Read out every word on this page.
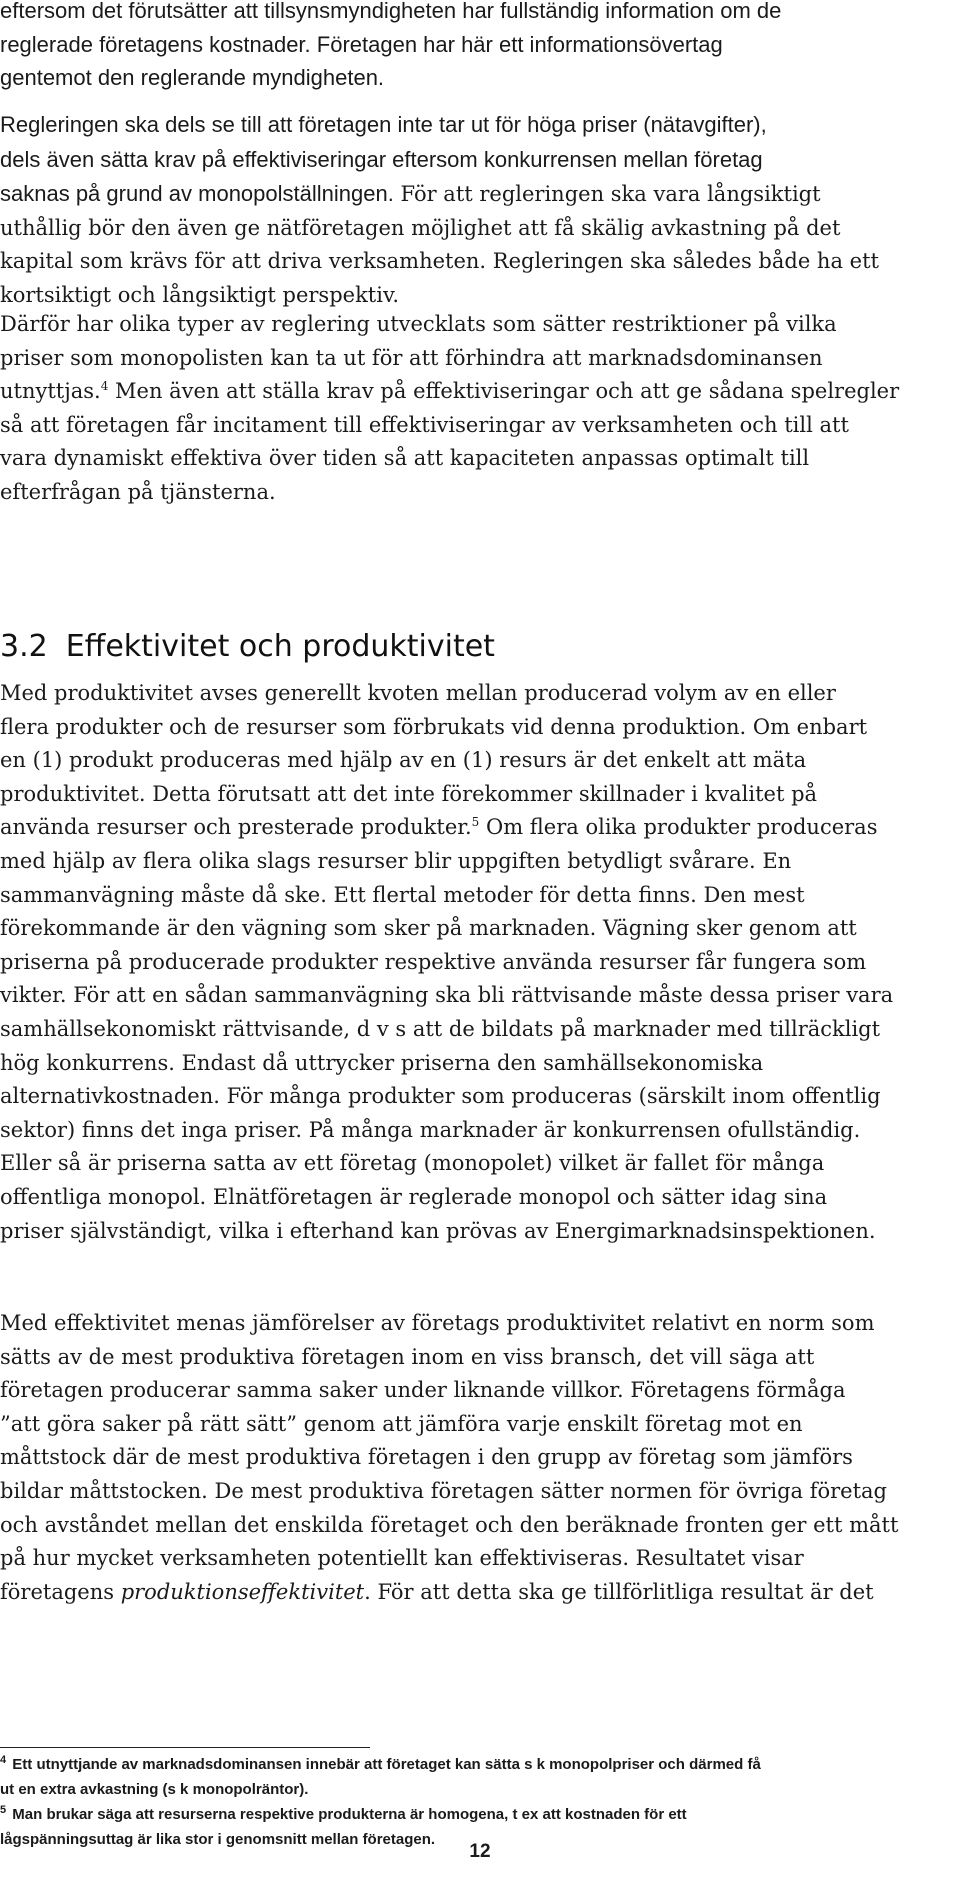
eftersom det förutsätter att tillsynsmyndigheten har fullständig information om de
reglerade företagens kostnader. Företagen har här ett informationsövertag
gentemot den reglerande myndigheten.

Regleringen ska dels se till att företagen inte tar ut för höga priser (nätavgifter),
dels även sätta krav på effektiviseringar eftersom konkurrensen mellan företag
saknas på grund av monopolställningen. För att regleringen ska vara långsiktigt
uthållig bör den även ge nätföretagen möjlighet att få skälig avkastning på det
kapital som krävs för att driva verksamheten. Regleringen ska således både ha ett
kortsiktigt och långsiktigt perspektiv.

Därför har olika typer av reglering utvecklats som sätter restriktioner på vilka
priser som monopolisten kan ta ut för att förhindra att marknadsdominansen
utnyttjas.$^4$ Men även att ställa krav på effektiviseringar och att ge sådana spelregler
så att företagen får incitament till effektiviseringar av verksamheten och till att
vara dynamiskt effektiva över tiden så att kapaciteten anpassas optimalt till
efterfrågan på tjänsterna.

3.2 Effektivitet och produktivitet

Med produktivitet avses generellt kvoten mellan producerad volym av en eller
flera produkter och de resurser som förbrukats vid denna produktion. Om enbart
en (1) produkt produceras med hjälp av en (1) resurs är det enkelt att mäta
produktivitet. Detta förutsatt att det inte förekommer skillnader i kvalitet på
använda resurser och presterade produkter.$^5$ Om flera olika produkter produceras
med hjälp av flera olika slags resurser blir uppgiften betydligt svårare. En
sammanvägning måste då ske. Ett flertal metoder för detta finns. Den mest
förekommande är den vägning som sker på marknaden. Vägning sker genom att
priserna på producerade produkter respektive använda resurser får fungera som
vikter. För att en sådan sammanvägning ska bli rättvisande måste dessa priser vara
samhällsekonomiskt rättvisande, d v s att de bildats på marknader med tillräckligt
hög konkurrens. Endast då uttrycker priserna den samhällsekonomiska
alternativkostnaden. För många produkter som produceras (särskilt inom offentlig
sektor) finns det inga priser. På många marknader är konkurrensen ofullständig.
Eller så är priserna satta av ett företag (monopolet) vilket är fallet för många
offentliga monopol. Elnätföretagen är reglerade monopol och sätter idag sina
priser självständigt, vilka i efterhand kan prövas av Energimarknadsinspektionen.

Med effektivitet menas jämförelser av företags produktivitet relativt en norm som
sätts av de mest produktiva företagen inom en viss bransch, det vill säga att
företagen producerar samma saker under liknande villkor. Företagens förmåga
”att göra saker på rätt sätt” genom att jämföra varje enskilt företag mot en
måttstock där de mest produktiva företagen i den grupp av företag som jämförs
bildar måttstocken. De mest produktiva företagen sätter normen för övriga företag
och avståndet mellan det enskilda företaget och den beräknade fronten ger ett mått
på hur mycket verksamheten potentiellt kan effektiviseras. Resultatet visar
företagens produktionseffektivitet. För att detta ska ge tillförlitliga resultat är det

$^4$ Ett utnyttjande av marknadsdominansen innebär att företaget kan sätta s k monopolpriser och därmed få
ut en extra avkastning (s k monopolräntor).

$^5$ Man brukar säga att resurserna respektive produkterna är homogena, t ex att kostnaden för ett
lågspänningsuttag är lika stor i genomsnitt mellan företagen.

12
